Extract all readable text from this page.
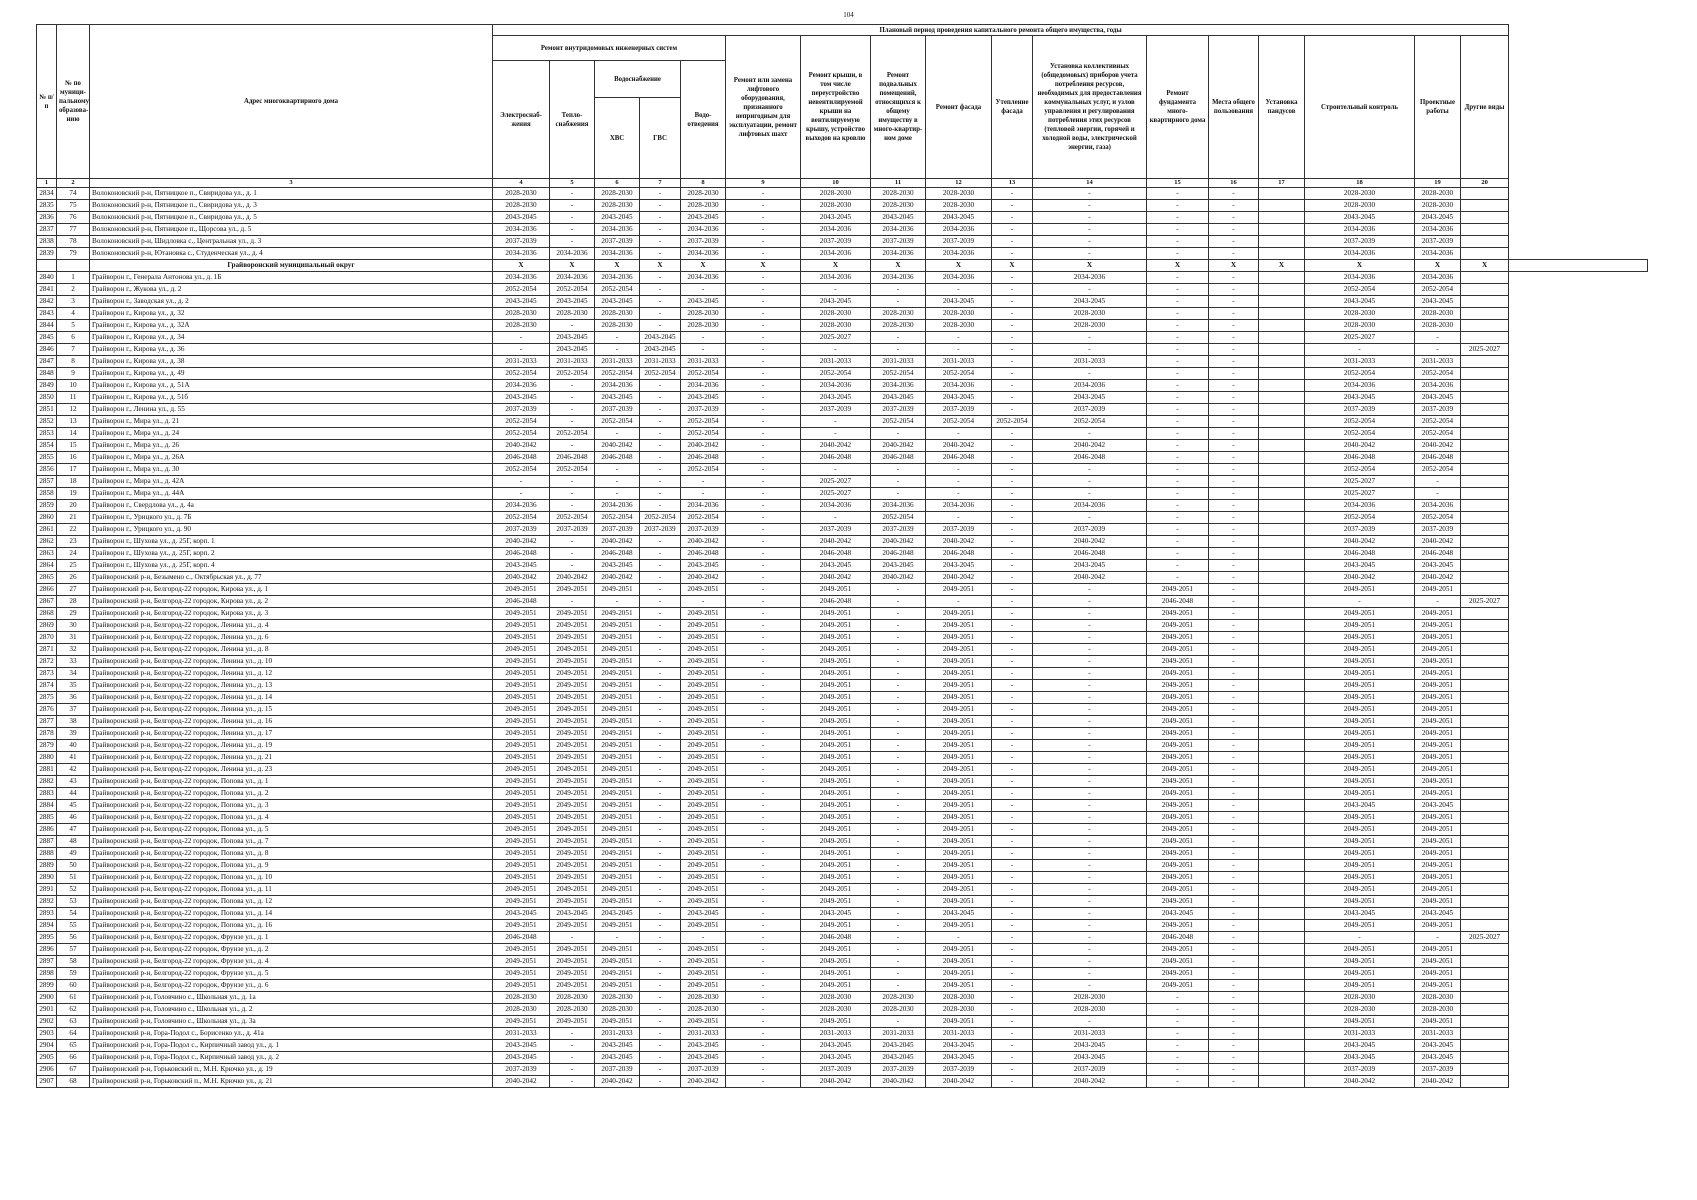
104
№ п/п	№ по муници-пальному образова-нию	Адрес многоквартирного дома	Плановый период проведения капитального ремонта общего имущества, годы																	
			Ремонт внутридомовых инженерных систем					Ремонт или замена лифтового оборудования, признанного непригодным для эксплуатации, ремонт лифтовых шахт	Ремонт крыши, в том числе переустройство невентилируемой крыши на вентилируемую крышу, устройство выходов на кровлю	Ремонт подвальных помещений, относящихся к общему имуществу в много-квартир-ном доме	Ремонт фасада	Утепление фасада	Установка коллективных (общедомовых) приборов учета потребления ресурсов, необходимых для предоставления коммунальных услуг, и узлов управления и регулирования потребления этих ресурсов (тепловой энергии, горячей и холодной воды, электрической энергии, газа)	Ремонт фундамента много-квартирного дома	Места общего пользования	Установка пандусов	Строительный контроль	Проектные работы	Другие виды	
			Электроснаб-жения	Тепло-снабжения	Водоснабжение		Водо-отведения													
					ХВС	ГВС														
1	2	3	4	5	6	7	8	9	10	11	12	13	14	15	16	17	18	19	20	
2834	74	Волоконовский р-н, Пятницкое п., Свиридова ул., д. 1	2028-2030	-	2028-2030	-	2028-2030	-	2028-2030	2028-2030	2028-2030	-	-	-	-		2028-2030	2028-2030		
2835	75	Волоконовский р-н, Пятницкое п., Свиридова ул., д. 3	2028-2030	-	2028-2030	-	2028-2030	-	2028-2030	2028-2030	2028-2030	-	-	-	-		2028-2030	2028-2030		
2836	76	Волоконовский р-н, Пятницкое п., Свиридова ул., д. 5	2043-2045	-	2043-2045	-	2043-2045	-	2043-2045	2043-2045	2043-2045	-	-	-	-		2043-2045	2043-2045		
2837	77	Волоконовский р-н, Пятницкое п., Щорсова ул., д. 5	2034-2036	-	2034-2036	-	2034-2036	-	2034-2036	2034-2036	2034-2036	-	-	-	-		2034-2036	2034-2036		
2838	78	Волоконовский р-н, Шидловка с., Центральная ул., д. 3	2037-2039	-	2037-2039	-	2037-2039	-	2037-2039	2037-2039	2037-2039	-	-	-	-		2037-2039	2037-2039		
2839	79	Волоконовский р-н, Ютановка с., Студенческая ул., д. 4	2034-2036	2034-2036	2034-2036	-	2034-2036	-	2034-2036	2034-2036	2034-2036	-	-	-	-		2034-2036	2034-2036		
		Грайворонский муниципальный округ	X	X	X	X	X	X	X	X	X	X	X	X	X	X	X	X	X	
2840	1	Грайворон г., Генерала Антонова ул., д. 1Б	2034-2036	2034-2036	2034-2036	-	2034-2036	-	2034-2036	2034-2036	2034-2036	-	2034-2036	-	-		2034-2036	2034-2036		
2841	2	Грайворон г., Жукова ул., д. 2	2052-2054	2052-2054	2052-2054	-	-	-	-	-	-	-	-	-	-		2052-2054	2052-2054		
2842	3	Грайворон г., Заводская ул., д. 2	2043-2045	2043-2045	2043-2045	-	2043-2045	-	2043-2045	-	2043-2045	-	2043-2045	-	-		2043-2045	2043-2045		
2843	4	Грайворон г., Кирова ул., д. 32	2028-2030	2028-2030	2028-2030	-	2028-2030	-	2028-2030	2028-2030	2028-2030	-	2028-2030	-	-		2028-2030	2028-2030		
2844	5	Грайворон г., Кирова ул., д. 32А	2028-2030	-	2028-2030	-	2028-2030	-	2028-2030	2028-2030	2028-2030	-	2028-2030	-	-		2028-2030	2028-2030		
2845	6	Грайворон г., Кирова ул., д. 34	-	2043-2045	-	2043-2045	-	-	2025-2027	-	-	-	-	-	-		2025-2027	-		
2846	7	Грайворон г., Кирова ул., д. 36	-	2043-2045	-	2043-2045	-	-	-	-	-	-	-	-	-		-	-	2025-2027	
2847	8	Грайворон г., Кирова ул., д. 38	2031-2033	2031-2033	2031-2033	2031-2033	2031-2033	-	2031-2033	2031-2033	2031-2033	-	2031-2033	-	-		2031-2033	2031-2033		
2848	9	Грайворон г., Кирова ул., д. 49	2052-2054	2052-2054	2052-2054	2052-2054	2052-2054	-	2052-2054	2052-2054	2052-2054	-	-	-	-		2052-2054	2052-2054		
2849	10	Грайворон г., Кирова ул., д. 51А	2034-2036	-	2034-2036	-	2034-2036	-	2034-2036	2034-2036	2034-2036	-	2034-2036	-	-		2034-2036	2034-2036		
2850	11	Грайворон г., Кирова ул., д. 51б	2043-2045	-	2043-2045	-	2043-2045	-	2043-2045	2043-2045	2043-2045	-	2043-2045	-	-		2043-2045	2043-2045		
2851	12	Грайворон г., Ленина ул., д. 55	2037-2039	-	2037-2039	-	2037-2039	-	2037-2039	2037-2039	2037-2039	-	2037-2039	-	-		2037-2039	2037-2039		
2852	13	Грайворон г., Мира ул., д. 21	2052-2054	-	2052-2054	-	2052-2054	-	-	2052-2054	2052-2054	2052-2054	2052-2054	-	-		2052-2054	2052-2054		
2853	14	Грайворон г., Мира ул., д. 24	2052-2054	2052-2054	-	-	2052-2054	-	-	-	-	-	-	-	-		2052-2054	2052-2054		
2854	15	Грайворон г., Мира ул., д. 26	2040-2042	-	2040-2042	-	2040-2042	-	2040-2042	2040-2042	2040-2042	-	2040-2042	-	-		2040-2042	2040-2042		
2855	16	Грайворон г., Мира ул., д. 26А	2046-2048	2046-2048	2046-2048	-	2046-2048	-	2046-2048	2046-2048	2046-2048	-	2046-2048	-	-		2046-2048	2046-2048		
2856	17	Грайворон г., Мира ул., д. 30	2052-2054	2052-2054	-	-	2052-2054	-	-	-	-	-	-	-	-		2052-2054	2052-2054		
2857	18	Грайворон г., Мира ул., д. 42А	-	-	-	-	-	-	2025-2027	-	-	-	-	-	-		2025-2027	-		
2858	19	Грайворон г., Мира ул., д. 44А	-	-	-	-	-	-	2025-2027	-	-	-	-	-	-		2025-2027	-		
2859	20	Грайворон г., Свердлова ул., д. 4а	2034-2036	-	2034-2036	-	2034-2036	-	2034-2036	2034-2036	2034-2036	-	2034-2036	-	-		2034-2036	2034-2036		
2860	21	Грайворон г., Урицкого ул., д. 7Б	2052-2054	2052-2054	2052-2054	2052-2054	2052-2054	-	-	2052-2054	-	-	-	-	-		2052-2054	2052-2054		
2861	22	Грайворон г., Урицкого ул., д. 90	2037-2039	2037-2039	2037-2039	2037-2039	2037-2039	-	2037-2039	2037-2039	2037-2039	-	2037-2039	-	-		2037-2039	2037-2039		
2862	23	Грайворон г., Шухова ул., д. 25Г, корп. 1	2040-2042	-	2040-2042	-	2040-2042	-	2040-2042	2040-2042	2040-2042	-	2040-2042	-	-		2040-2042	2040-2042		
2863	24	Грайворон г., Шухова ул., д. 25Г, корп. 2	2046-2048	-	2046-2048	-	2046-2048	-	2046-2048	2046-2048	2046-2048	-	2046-2048	-	-		2046-2048	2046-2048		
2864	25	Грайворон г., Шухова ул., д. 25Г, корп. 4	2043-2045	-	2043-2045	-	2043-2045	-	2043-2045	2043-2045	2043-2045	-	2043-2045	-	-		2043-2045	2043-2045		
2865	26	Грайворонский р-н, Безымено с., Октябрьская ул., д. 77	2040-2042	2040-2042	2040-2042	-	2040-2042	-	2040-2042	2040-2042	2040-2042	-	2040-2042	-	-		2040-2042	2040-2042		
2866	27	Грайворонский р-н, Белгород-22 городок, Кирова ул., д. 1	2049-2051	2049-2051	2049-2051	-	2049-2051	-	2049-2051	-	2049-2051	-	-	2049-2051	-		2049-2051	2049-2051		
2867	28	Грайворонский р-н, Белгород-22 городок, Кирова ул., д. 2	2046-2048	-	-	-	-	-	2046-2048	-	-	-	-	2046-2048	-		-	-	2025-2027	
2868	29	Грайворонский р-н, Белгород-22 городок, Кирова ул., д. 3	2049-2051	2049-2051	2049-2051	-	2049-2051	-	2049-2051	-	2049-2051	-	-	2049-2051	-		2049-2051	2049-2051		
2869	30	Грайворонский р-н, Белгород-22 городок, Ленина ул., д. 4	2049-2051	2049-2051	2049-2051	-	2049-2051	-	2049-2051	-	2049-2051	-	-	2049-2051	-		2049-2051	2049-2051		
2870	31	Грайворонский р-н, Белгород-22 городок, Ленина ул., д. 6	2049-2051	2049-2051	2049-2051	-	2049-2051	-	2049-2051	-	2049-2051	-	-	2049-2051	-		2049-2051	2049-2051		
2871	32	Грайворонский р-н, Белгород-22 городок, Ленина ул., д. 8	2049-2051	2049-2051	2049-2051	-	2049-2051	-	2049-2051	-	2049-2051	-	-	2049-2051	-		2049-2051	2049-2051		
2872	33	Грайворонский р-н, Белгород-22 городок, Ленина ул., д. 10	2049-2051	2049-2051	2049-2051	-	2049-2051	-	2049-2051	-	2049-2051	-	-	2049-2051	-		2049-2051	2049-2051		
2873	34	Грайворонский р-н, Белгород-22 городок, Ленина ул., д. 12	2049-2051	2049-2051	2049-2051	-	2049-2051	-	2049-2051	-	2049-2051	-	-	2049-2051	-		2049-2051	2049-2051		
2874	35	Грайворонский р-н, Белгород-22 городок, Ленина ул., д. 13	2049-2051	2049-2051	2049-2051	-	2049-2051	-	2049-2051	-	2049-2051	-	-	2049-2051	-		2049-2051	2049-2051		
2875	36	Грайворонский р-н, Белгород-22 городок, Ленина ул., д. 14	2049-2051	2049-2051	2049-2051	-	2049-2051	-	2049-2051	-	2049-2051	-	-	2049-2051	-		2049-2051	2049-2051		
2876	37	Грайворонский р-н, Белгород-22 городок, Ленина ул., д. 15	2049-2051	2049-2051	2049-2051	-	2049-2051	-	2049-2051	-	2049-2051	-	-	2049-2051	-		2049-2051	2049-2051		
2877	38	Грайворонский р-н, Белгород-22 городок, Ленина ул., д. 16	2049-2051	2049-2051	2049-2051	-	2049-2051	-	2049-2051	-	2049-2051	-	-	2049-2051	-		2049-2051	2049-2051		
2878	39	Грайворонский р-н, Белгород-22 городок, Ленина ул., д. 17	2049-2051	2049-2051	2049-2051	-	2049-2051	-	2049-2051	-	2049-2051	-	-	2049-2051	-		2049-2051	2049-2051		
2879	40	Грайворонский р-н, Белгород-22 городок, Ленина ул., д. 19	2049-2051	2049-2051	2049-2051	-	2049-2051	-	2049-2051	-	2049-2051	-	-	2049-2051	-		2049-2051	2049-2051		
2880	41	Грайворонский р-н, Белгород-22 городок, Ленина ул., д. 21	2049-2051	2049-2051	2049-2051	-	2049-2051	-	2049-2051	-	2049-2051	-	-	2049-2051	-		2049-2051	2049-2051		
2881	42	Грайворонский р-н, Белгород-22 городок, Ленина ул., д. 23	2049-2051	2049-2051	2049-2051	-	2049-2051	-	2049-2051	-	2049-2051	-	-	2049-2051	-		2049-2051	2049-2051		
2882	43	Грайворонский р-н, Белгород-22 городок, Попова ул., д. 1	2049-2051	2049-2051	2049-2051	-	2049-2051	-	2049-2051	-	2049-2051	-	-	2049-2051	-		2049-2051	2049-2051		
2883	44	Грайворонский р-н, Белгород-22 городок, Попова ул., д. 2	2049-2051	2049-2051	2049-2051	-	2049-2051	-	2049-2051	-	2049-2051	-	-	2049-2051	-		2049-2051	2049-2051		
2884	45	Грайворонский р-н, Белгород-22 городок, Попова ул., д. 3	2049-2051	2049-2051	2049-2051	-	2049-2051	-	2049-2051	-	2049-2051	-	-	2049-2051	-		2043-2045	2043-2045		
2885	46	Грайворонский р-н, Белгород-22 городок, Попова ул., д. 4	2049-2051	2049-2051	2049-2051	-	2049-2051	-	2049-2051	-	2049-2051	-	-	2049-2051	-		2049-2051	2049-2051		
2886	47	Грайворонский р-н, Белгород-22 городок, Попова ул., д. 5	2049-2051	2049-2051	2049-2051	-	2049-2051	-	2049-2051	-	2049-2051	-	-	2049-2051	-		2049-2051	2049-2051		
2887	48	Грайворонский р-н, Белгород-22 городок, Попова ул., д. 7	2049-2051	2049-2051	2049-2051	-	2049-2051	-	2049-2051	-	2049-2051	-	-	2049-2051	-		2049-2051	2049-2051		
2888	49	Грайворонский р-н, Белгород-22 городок, Попова ул., д. 8	2049-2051	2049-2051	2049-2051	-	2049-2051	-	2049-2051	-	2049-2051	-	-	2049-2051	-		2049-2051	2049-2051		
2889	50	Грайворонский р-н, Белгород-22 городок, Попова ул., д. 9	2049-2051	2049-2051	2049-2051	-	2049-2051	-	2049-2051	-	2049-2051	-	-	2049-2051	-		2049-2051	2049-2051		
2890	51	Грайворонский р-н, Белгород-22 городок, Попова ул., д. 10	2049-2051	2049-2051	2049-2051	-	2049-2051	-	2049-2051	-	2049-2051	-	-	2049-2051	-		2049-2051	2049-2051		
2891	52	Грайворонский р-н, Белгород-22 городок, Попова ул., д. 11	2049-2051	2049-2051	2049-2051	-	2049-2051	-	2049-2051	-	2049-2051	-	-	2049-2051	-		2049-2051	2049-2051		
2892	53	Грайворонский р-н, Белгород-22 городок, Попова ул., д. 12	2049-2051	2049-2051	2049-2051	-	2049-2051	-	2049-2051	-	2049-2051	-	-	2049-2051	-		2049-2051	2049-2051		
2893	54	Грайворонский р-н, Белгород-22 городок, Попова ул., д. 14	2043-2045	2043-2045	2043-2045	-	2043-2045	-	2043-2045	-	2043-2045	-	-	2043-2045	-		2043-2045	2043-2045		
2894	55	Грайворонский р-н, Белгород-22 городок, Попова ул., д. 16	2049-2051	2049-2051	2049-2051	-	2049-2051	-	2049-2051	-	2049-2051	-	-	2049-2051	-		2049-2051	2049-2051		
2895	56	Грайворонский р-н, Белгород-22 городок, Фрунзе ул., д. 1	2046-2048	-	-	-	-	-	2046-2048	-	-	-	-	2046-2048	-		-	-	2025-2027	
2896	57	Грайворонский р-н, Белгород-22 городок, Фрунзе ул., д. 2	2049-2051	2049-2051	2049-2051	-	2049-2051	-	2049-2051	-	2049-2051	-	-	2049-2051	-		2049-2051	2049-2051		
2897	58	Грайворонский р-н, Белгород-22 городок, Фрунзе ул., д. 4	2049-2051	2049-2051	2049-2051	-	2049-2051	-	2049-2051	-	2049-2051	-	-	2049-2051	-		2049-2051	2049-2051		
2898	59	Грайворонский р-н, Белгород-22 городок, Фрунзе ул., д. 5	2049-2051	2049-2051	2049-2051	-	2049-2051	-	2049-2051	-	2049-2051	-	-	2049-2051	-		2049-2051	2049-2051		
2899	60	Грайворонский р-н, Белгород-22 городок, Фрунзе ул., д. 6	2049-2051	2049-2051	2049-2051	-	2049-2051	-	2049-2051	-	2049-2051	-	-	2049-2051	-		2049-2051	2049-2051		
2900	61	Грайворонский р-н, Головчино с., Школьная ул., д. 1а	2028-2030	2028-2030	2028-2030	-	2028-2030	-	2028-2030	2028-2030	2028-2030	-	2028-2030	-	-		2028-2030	2028-2030		
2901	62	Грайворонский р-н, Головчино с., Школьная ул., д. 2	2028-2030	2028-2030	2028-2030	-	2028-2030	-	2028-2030	2028-2030	2028-2030	-	2028-2030	-	-		2028-2030	2028-2030		
2902	63	Грайворонский р-н, Головчино с., Школьная ул., д. 3а	2049-2051	2049-2051	2049-2051	-	2049-2051	-	2049-2051	-	2049-2051	-	-	-	-		2049-2051	2049-2051		
2903	64	Грайворонский р-н, Гора-Подол с., Борисенко ул., д. 41а	2031-2033	-	2031-2033	-	2031-2033	-	2031-2033	2031-2033	2031-2033	-	2031-2033	-	-		2031-2033	2031-2033		
2904	65	Грайворонский р-н, Гора-Подол с., Кирпичный завод ул., д. 1	2043-2045	-	2043-2045	-	2043-2045	-	2043-2045	2043-2045	2043-2045	-	2043-2045	-	-		2043-2045	2043-2045		
2905	66	Грайворонский р-н, Гора-Подол с., Кирпичный завод ул., д. 2	2043-2045	-	2043-2045	-	2043-2045	-	2043-2045	2043-2045	2043-2045	-	2043-2045	-	-		2043-2045	2043-2045		
2906	67	Грайворонский р-н, Горьковский п., М.Н. Крючко ул., д. 19	2037-2039	-	2037-2039	-	2037-2039	-	2037-2039	2037-2039	2037-2039	-	2037-2039	-	-		2037-2039	2037-2039		
2907	68	Грайворонский р-н, Горьковский п., М.Н. Крючко ул., д. 21	2040-2042	-	2040-2042	-	2040-2042	-	2040-2042	2040-2042	2040-2042	-	2040-2042	-	-		2040-2042	2040-2042		
